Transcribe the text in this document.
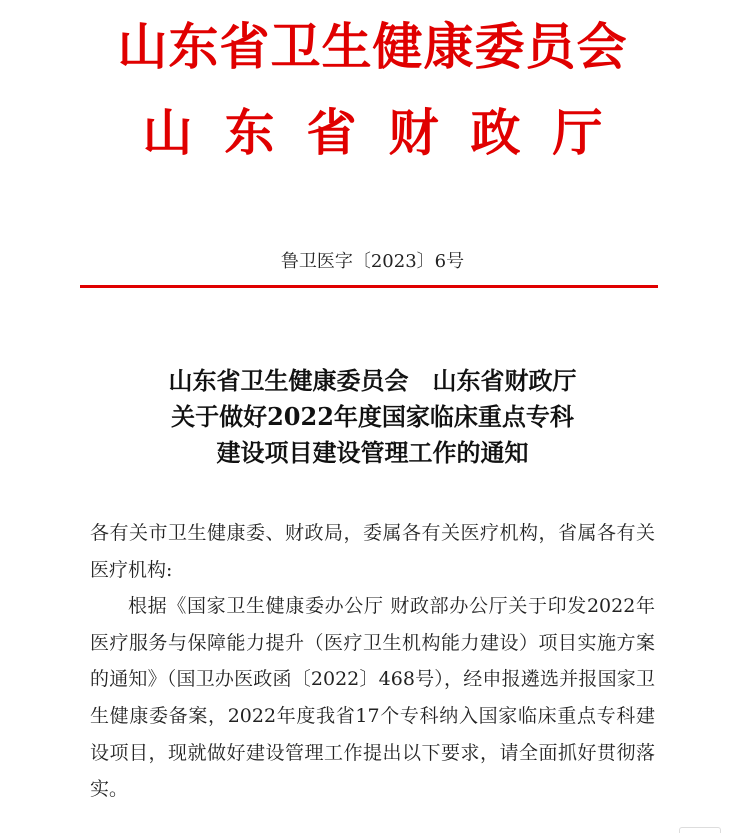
山东省卫生健康委员会
山东省财政厅
鲁卫医字〔2023〕6号
山东省卫生健康委员会　山东省财政厅
关于做好2022年度国家临床重点专科
建设项目建设管理工作的通知

各有关市卫生健康委、财政局，委属各有关医疗机构，省属各有关医疗机构:

根据《国家卫生健康委办公厅 财政部办公厅关于印发2022年医疗服务与保障能力提升（医疗卫生机构能力建设）项目实施方案的通知》（国卫办医政函〔2022〕468号），经申报遴选并报国家卫生健康委备案，2022年度我省17个专科纳入国家临床重点专科建设项目，现就做好建设管理工作提出以下要求，请全面抓好贯彻落实。
